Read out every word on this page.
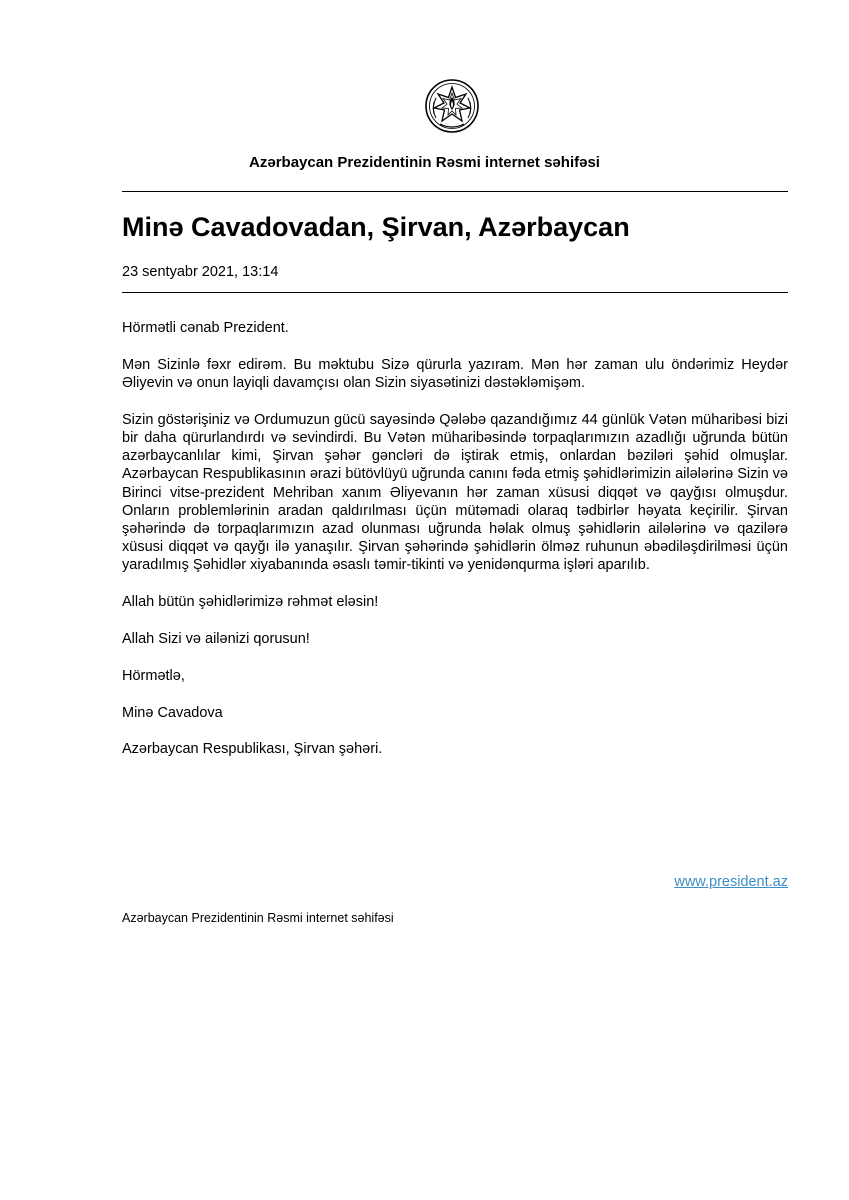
Azərbaycan Prezidentinin Rəsmi internet səhifəsi
Minə Cavadovadan, Şirvan, Azərbaycan
23 sentyabr 2021, 13:14

Hörmətli cənab Prezident.

Mən Sizinlə fəxr edirəm. Bu məktubu Sizə qürurla yazıram. Mən hər zaman ulu öndərimiz Heydər Əliyevin və onun layiqli davamçısı olan Sizin siyasətinizi dəstəkləmişəm.

Sizin göstərişiniz və Ordumuzun gücü sayəsində Qələbə qazandığımız 44 günlük Vətən müharibəsi bizi bir daha qürurlandırdı və sevindirdi. Bu Vətən müharibəsində torpaqlarımızın azadlığı uğrunda bütün azərbaycanlılar kimi, Şirvan şəhər gəncləri də iştirak etmiş, onlardan bəziləri şəhid olmuşlar. Azərbaycan Respublikasının ərazi bütövlüyü uğrunda canını fəda etmiş şəhidlərimizin ailələrinə Sizin və Birinci vitse-prezident Mehriban xanım Əliyevanın hər zaman xüsusi diqqət və qayğısı olmuşdur. Onların problemlərinin aradan qaldırılması üçün mütəmadi olaraq tədbirlər həyata keçirilir. Şirvan şəhərində də torpaqlarımızın azad olunması uğrunda həlak olmuş şəhidlərin ailələrinə və qazilərə xüsusi diqqət və qayğı ilə yanaşılır. Şirvan şəhərində şəhidlərin ölməz ruhunun əbədiləşdirilməsi üçün yaradılmış Şəhidlər xiyabanında əsaslı təmir-tikinti və yenidənqurma işləri aparılıb.

Allah bütün şəhidlərimizə rəhmət eləsin!

Allah Sizi və ailənizi qorusun!

Hörmətlə,

Minə Cavadova

Azərbaycan Respublikası, Şirvan şəhəri.

www.president.az
Azərbaycan Prezidentinin Rəsmi internet səhifəsi
